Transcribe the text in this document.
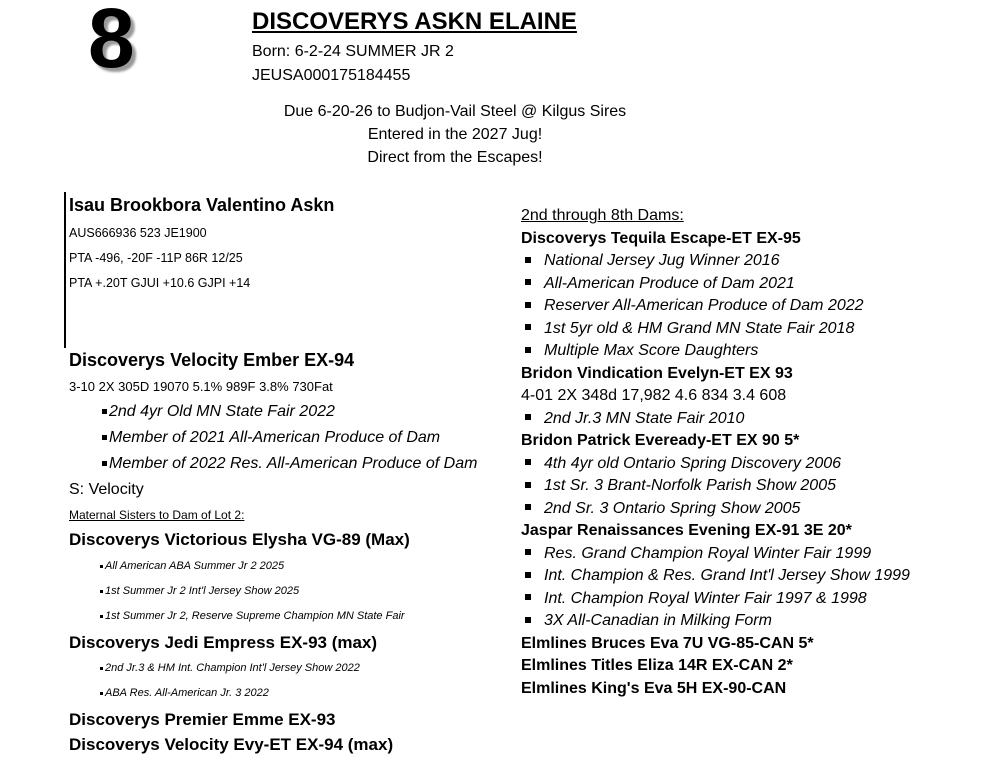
8	DISCOVERYS ASKN ELAINE
Born: 6-2-24 SUMMER JR 2
JEUSA000175184455
Due 6-20-26 to Budjon-Vail Steel @ Kilgus Sires
Entered in the 2027 Jug!
Direct from the Escapes!
Isau Brookbora Valentino Askn
AUS666936 523 JE1900
PTA -496, -20F -11P 86R 12/25
PTA +.20T GJUI +10.6 GJPI +14
Discoverys Velocity Ember EX-94
3-10 2X 305D 19070 5.1% 989F 3.8% 730Fat
2nd 4yr Old MN State Fair 2022
Member of 2021 All-American Produce of Dam
Member of 2022 Res. All-American Produce of Dam
S: Velocity
Maternal Sisters to Dam of Lot 2:
Discoverys Victorious Elysha VG-89 (Max)
All American ABA Summer Jr 2 2025
1st Summer Jr 2 Int'l Jersey Show 2025
1st Summer Jr 2, Reserve Supreme Champion MN State Fair
Discoverys Jedi Empress EX-93 (max)
2nd Jr.3 & HM Int. Champion Int'l Jersey Show 2022
ABA Res. All-American Jr. 3 2022
Discoverys Premier Emme EX-93
Discoverys Velocity Evy-ET EX-94 (max)
2nd through 8th Dams:
Discoverys Tequila Escape-ET EX-95
National Jersey Jug Winner 2016
All-American Produce of Dam 2021
Reserver All-American Produce of Dam 2022
1st 5yr old & HM Grand MN State Fair 2018
Multiple Max Score Daughters
Bridon Vindication Evelyn-ET EX 93
4-01 2X 348d 17,982 4.6 834 3.4 608
2nd Jr.3 MN State Fair 2010
Bridon Patrick Eveready-ET EX 90 5*
4th 4yr old Ontario Spring Discovery 2006
1st Sr. 3 Brant-Norfolk Parish Show 2005
2nd Sr. 3 Ontario Spring Show 2005
Jaspar Renaissances Evening EX-91 3E 20*
Res. Grand Champion Royal Winter Fair 1999
Int. Champion & Res. Grand Int'l Jersey Show 1999
Int. Champion Royal Winter Fair 1997 & 1998
3X All-Canadian in Milking Form
Elmlines Bruces Eva 7U VG-85-CAN 5*
Elmlines Titles Eliza 14R EX-CAN 2*
Elmlines King's Eva 5H EX-90-CAN
